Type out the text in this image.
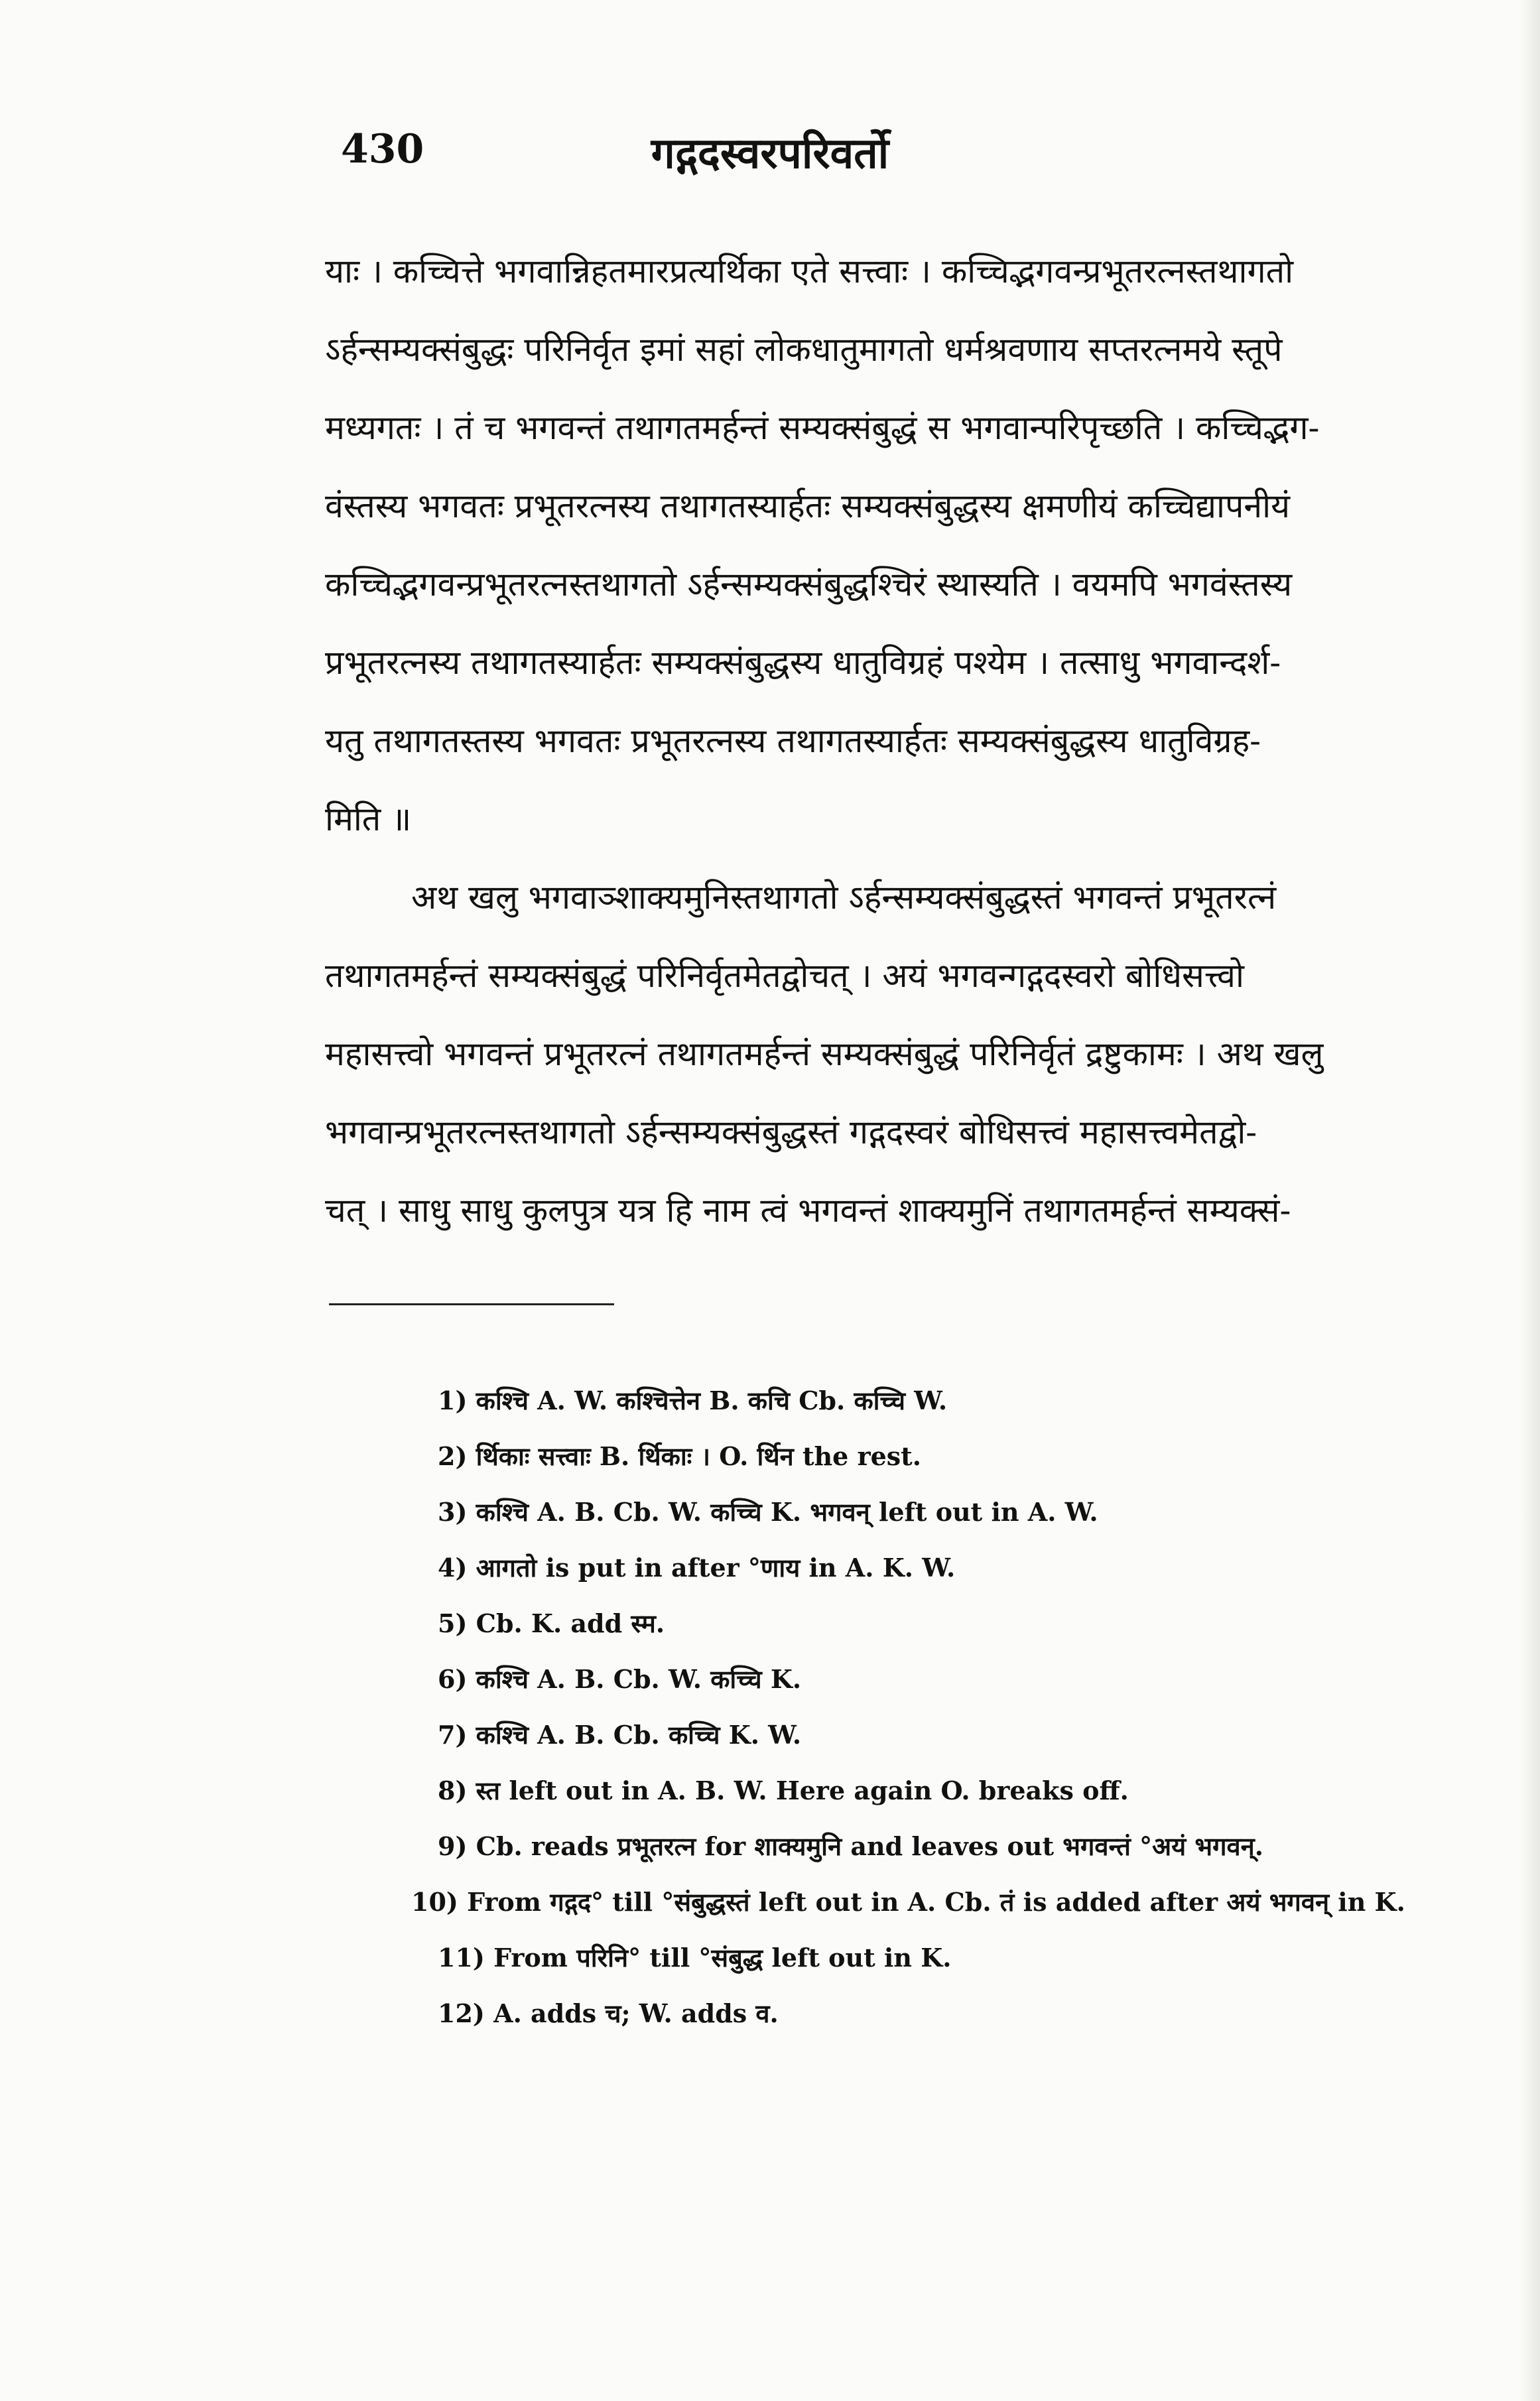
430	गद्गदस्वरपरिवर्तो
याः । कच्चित्ते भगवान्निहतमारप्रत्यर्थिका एते सत्त्वाः । कच्चिद्भगवन्प्रभूतरत्नस्तथागतो
ऽर्हन्सम्यक्संबुद्धः परिनिर्वृत इमां सहां लोकधातुमागतो धर्मश्रवणाय सप्तरत्नमये स्तूपे
मध्यगतः । तं च भगवन्तं तथागतमर्हन्तं सम्यक्संबुद्धं स भगवान्परिपृच्छति । कच्चिद्भग-
वंस्तस्य भगवतः प्रभूतरत्नस्य तथागतस्यार्हतः सम्यक्संबुद्धस्य क्षमणीयं कच्चिद्यापनीयं
कच्चिद्भगवन्प्रभूतरत्नस्तथागतो ऽर्हन्सम्यक्संबुद्धश्चिरं स्थास्यति । वयमपि भगवंस्तस्य
प्रभूतरत्नस्य तथागतस्यार्हतः सम्यक्संबुद्धस्य धातुविग्रहं पश्येम । तत्साधु भगवान्दर्श-
यतु तथागतस्तस्य भगवतः प्रभूतरत्नस्य तथागतस्यार्हतः सम्यक्संबुद्धस्य धातुविग्रह-
मिति ॥
अथ खलु भगवाञ्शाक्यमुनिस्तथागतो ऽर्हन्सम्यक्संबुद्धस्तं भगवन्तं प्रभूतरत्नं
तथागतमर्हन्तं सम्यक्संबुद्धं परिनिर्वृतमेतद्वोचत् । अयं भगवन्गद्गदस्वरो बोधिसत्त्वो
महासत्त्वो भगवन्तं प्रभूतरत्नं तथागतमर्हन्तं सम्यक्संबुद्धं परिनिर्वृतं द्रष्टुकामः । अथ खलु
भगवान्प्रभूतरत्नस्तथागतो ऽर्हन्सम्यक्संबुद्धस्तं गद्गदस्वरं बोधिसत्त्वं महासत्त्वमेतद्वो-
चत् । साधु साधु कुलपुत्र यत्र हि नाम त्वं भगवन्तं शाक्यमुनिं तथागतमर्हन्तं सम्यक्सं-
1) कश्चि A. W. कश्चित्तेन B. कचि Cb. कच्चि W.
2) र्थिकाः सत्त्वाः B. र्थिकाः । O. र्थिन the rest.
3) कश्चि A. B. Cb. W. कच्चि K. भगवन् left out in A. W.
4) आगतो is put in after °णाय in A. K. W.
5) Cb. K. add स्म.
6) कश्चि A. B. Cb. W. कच्चि K.
7) कश्चि A. B. Cb. कच्चि K. W.
8) स्त left out in A. B. W. Here again O. breaks off.
9) Cb. reads प्रभूतरत्न for शाक्यमुनि and leaves out भगवन्तं °अयं भगवन्.
10) From गद्गद° till °संबुद्धस्तं left out in A. Cb. तं is added after अयं भगवन् in K.
11) From परिनि° till °संबुद्ध left out in K.
12) A. adds च; W. adds व.
